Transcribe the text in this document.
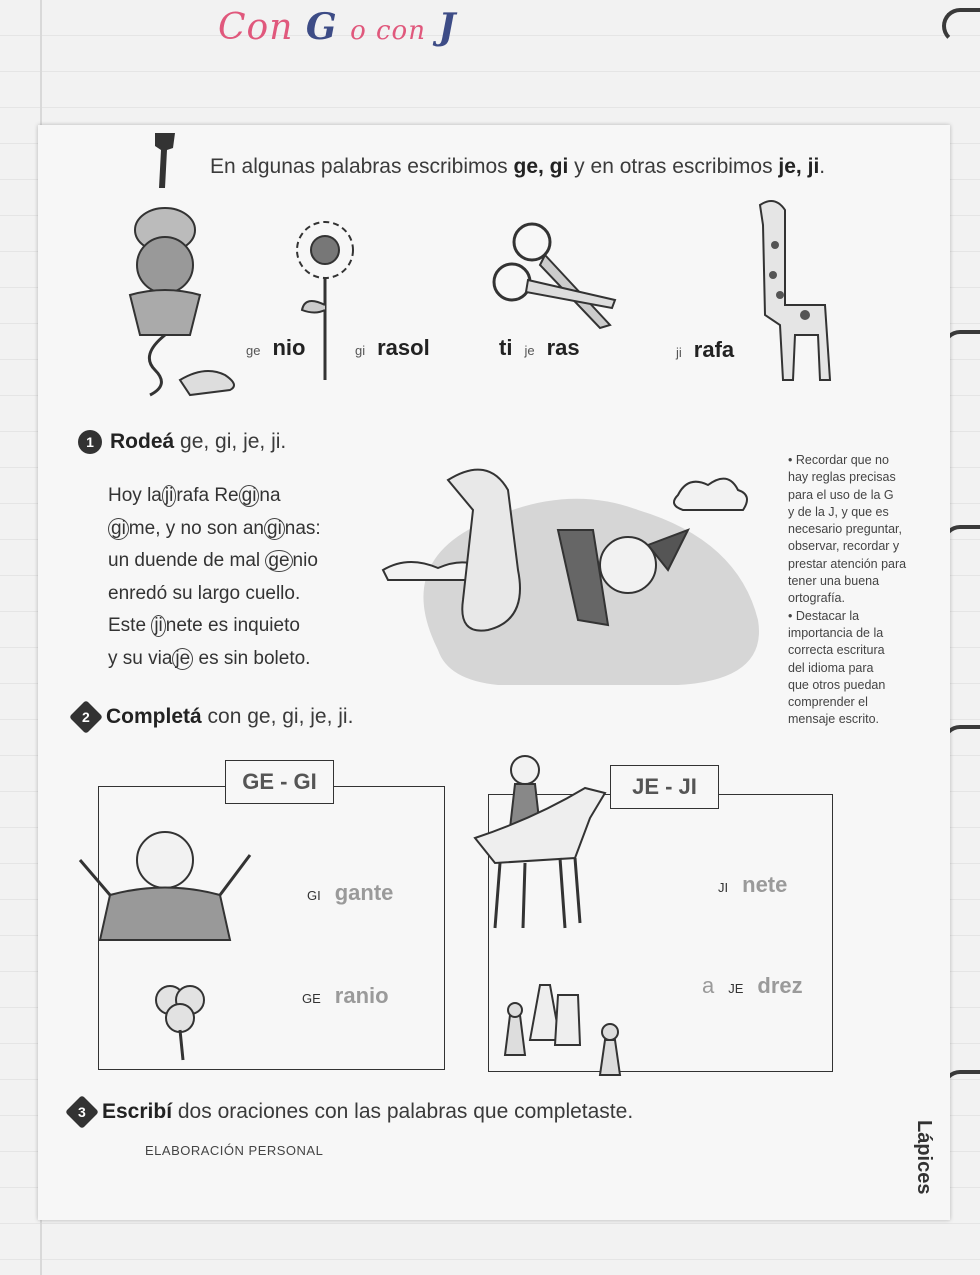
Con G o con J
En algunas palabras escribimos ge, gi y en otras escribimos je, ji.
ge nio	gi rasol	ti je ras	ji rafa
1 Rodeá ge, gi, je, ji.
Hoy la ji rafa Re gi na
gi me, y no son an gi nas:
un duende de mal ge nio
enredó su largo cuello.
Este ji nete es inquieto
y su via je es sin boleto.
• Recordar que no
hay reglas precisas
para el uso de la G
y de la J, y que es
necesario preguntar,
observar, recordar y
prestar atención para
tener una buena
ortografía.
• Destacar la
importancia de la
correcta escritura
del idioma para
que otros puedan
comprender el
mensaje escrito.
2 Completá con ge, gi, je, ji.
GE - GI	JE - JI
GI gante
GE ranio
JI nete
a JE drez
3 Escribí dos oraciones con las palabras que completaste.
ELABORACIÓN PERSONAL	Lápices
